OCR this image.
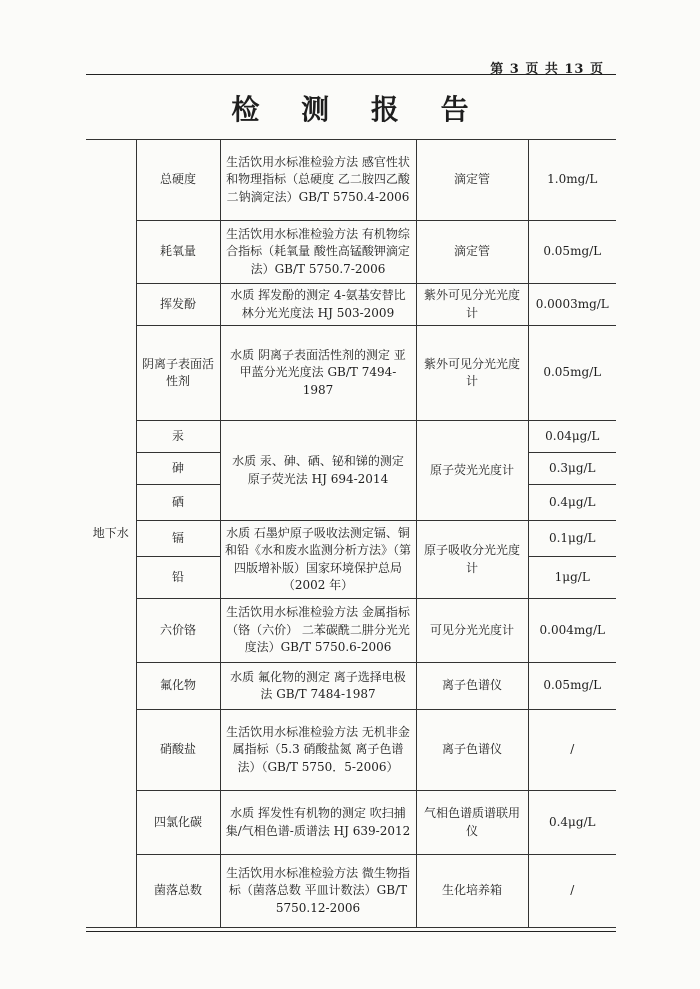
第 3 页 共 13 页
检 测 报 告
地下水	总硬度	生活饮用水标准检验方法 感官性状和物理指标（总硬度 乙二胺四乙酸二钠滴定法）GB/T 5750.4-2006	滴定管	1.0mg/L
	耗氧量	生活饮用水标准检验方法 有机物综合指标（耗氧量 酸性高锰酸钾滴定法）GB/T 5750.7-2006	滴定管	0.05mg/L
	挥发酚	水质 挥发酚的测定 4-氨基安替比林分光光度法 HJ 503-2009	紫外可见分光光度计	0.0003mg/L
	阴离子表面活性剂	水质 阴离子表面活性剂的测定 亚甲蓝分光光度法 GB/T 7494-1987	紫外可见分光光度计	0.05mg/L
	汞	水质 汞、砷、硒、铋和锑的测定 原子荧光法 HJ 694-2014	原子荧光光度计	0.04μg/L
	砷			0.3μg/L
	硒			0.4μg/L
	镉	水质 石墨炉原子吸收法测定镉、铜和铅《水和废水监测分析方法》（第四版增补版）国家环境保护总局（2002 年）	原子吸收分光光度计	0.1μg/L
	铅			1μg/L
	六价铬	生活饮用水标准检验方法 金属指标（铬（六价） 二苯碳酰二肼分光光度法）GB/T 5750.6-2006	可见分光光度计	0.004mg/L
	氟化物	水质 氟化物的测定 离子选择电极法 GB/T 7484-1987	离子色谱仪	0.05mg/L
	硝酸盐	生活饮用水标准检验方法 无机非金属指标（5.3 硝酸盐氮 离子色谱法）（GB/T 5750．5-2006）	离子色谱仪	/
	四氯化碳	水质 挥发性有机物的测定 吹扫捕集/气相色谱-质谱法 HJ 639-2012	气相色谱质谱联用仪	0.4μg/L
	菌落总数	生活饮用水标准检验方法 微生物指标（菌落总数 平皿计数法）GB/T 5750.12-2006	生化培养箱	/
